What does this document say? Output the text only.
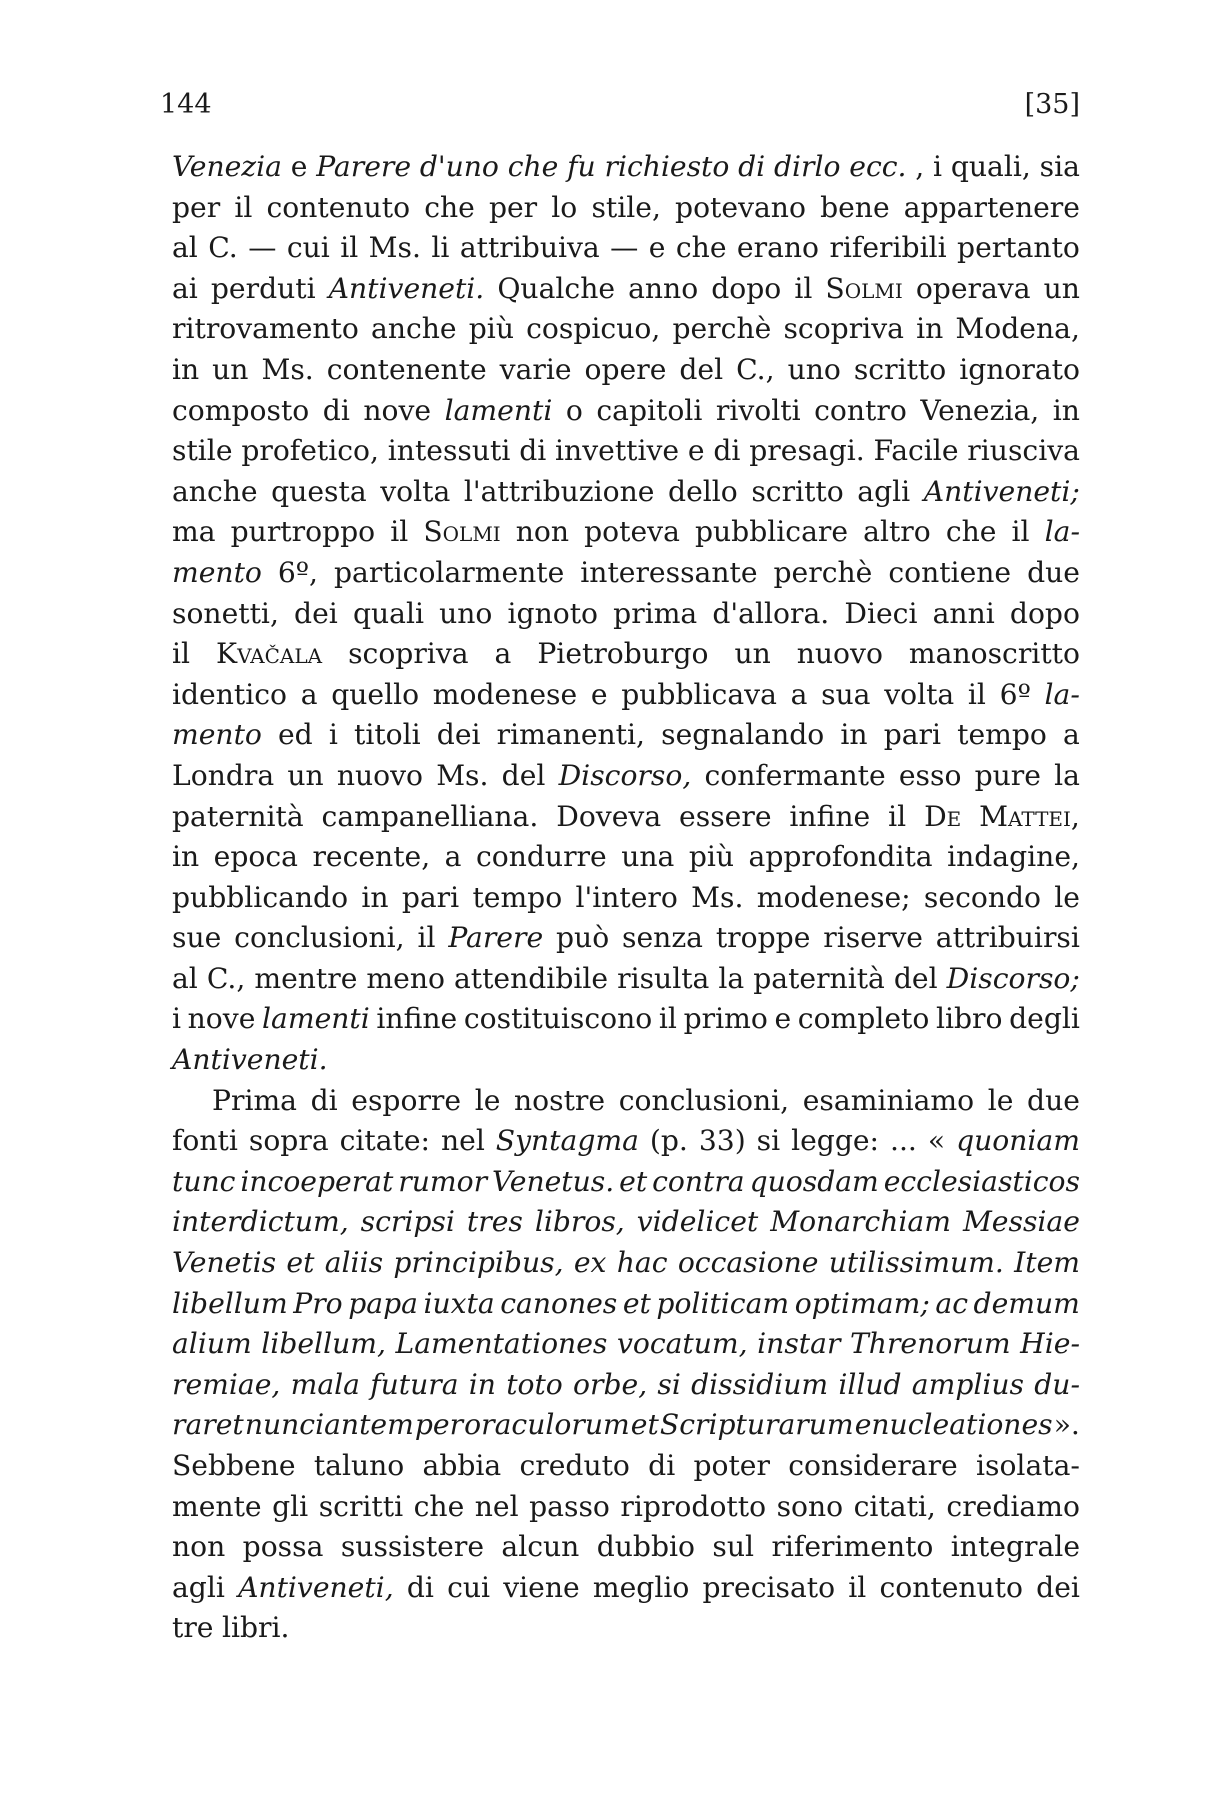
144	[35]
Venezia e Parere d'uno che fu richiesto di dirlo ecc. , i quali, sia
per il contenuto che per lo stile, potevano bene appartenere
al C. — cui il Ms. li attribuiva — e che erano riferibili pertanto
ai perduti Antiveneti. Qualche anno dopo il Solmi operava un
ritrovamento anche più cospicuo, perchè scopriva in Modena,
in un Ms. contenente varie opere del C., uno scritto ignorato
composto di nove lamenti o capitoli rivolti contro Venezia, in
stile profetico, intessuti di invettive e di presagi. Facile riusciva
anche questa volta l'attribuzione dello scritto agli Antiveneti;
ma purtroppo il Solmi non poteva pubblicare altro che il la-
mento 6º, particolarmente interessante perchè contiene due
sonetti, dei quali uno ignoto prima d'allora. Dieci anni dopo
il Kvačala scopriva a Pietroburgo un nuovo manoscritto
identico a quello modenese e pubblicava a sua volta il 6º la-
mento ed i titoli dei rimanenti, segnalando in pari tempo a
Londra un nuovo Ms. del Discorso, confermante esso pure la
paternità campanelliana. Doveva essere infine il De Mattei,
in epoca recente, a condurre una più approfondita indagine,
pubblicando in pari tempo l'intero Ms. modenese; secondo le
sue conclusioni, il Parere può senza troppe riserve attribuirsi
al C., mentre meno attendibile risulta la paternità del Discorso;
i nove lamenti infine costituiscono il primo e completo libro degli
Antiveneti.
Prima di esporre le nostre conclusioni, esaminiamo le due
fonti sopra citate: nel Syntagma (p. 33) si legge: ... « quoniam
tunc incoeperat rumor Venetus. et contra quosdam ecclesiasticos
interdictum, scripsi tres libros, videlicet Monarchiam Messiae
Venetis et aliis principibus, ex hac occasione utilissimum. Item
libellum Pro papa iuxta canones et politicam optimam; ac demum
alium libellum, Lamentationes vocatum, instar Threnorum Hie-
remiae, mala futura in toto orbe, si dissidium illud amplius du-
raret nunciantem per oraculorum et Scripturarum enucleationes ».
Sebbene taluno abbia creduto di poter considerare isolata-
mente gli scritti che nel passo riprodotto sono citati, crediamo
non possa sussistere alcun dubbio sul riferimento integrale
agli Antiveneti, di cui viene meglio precisato il contenuto dei
tre libri.
